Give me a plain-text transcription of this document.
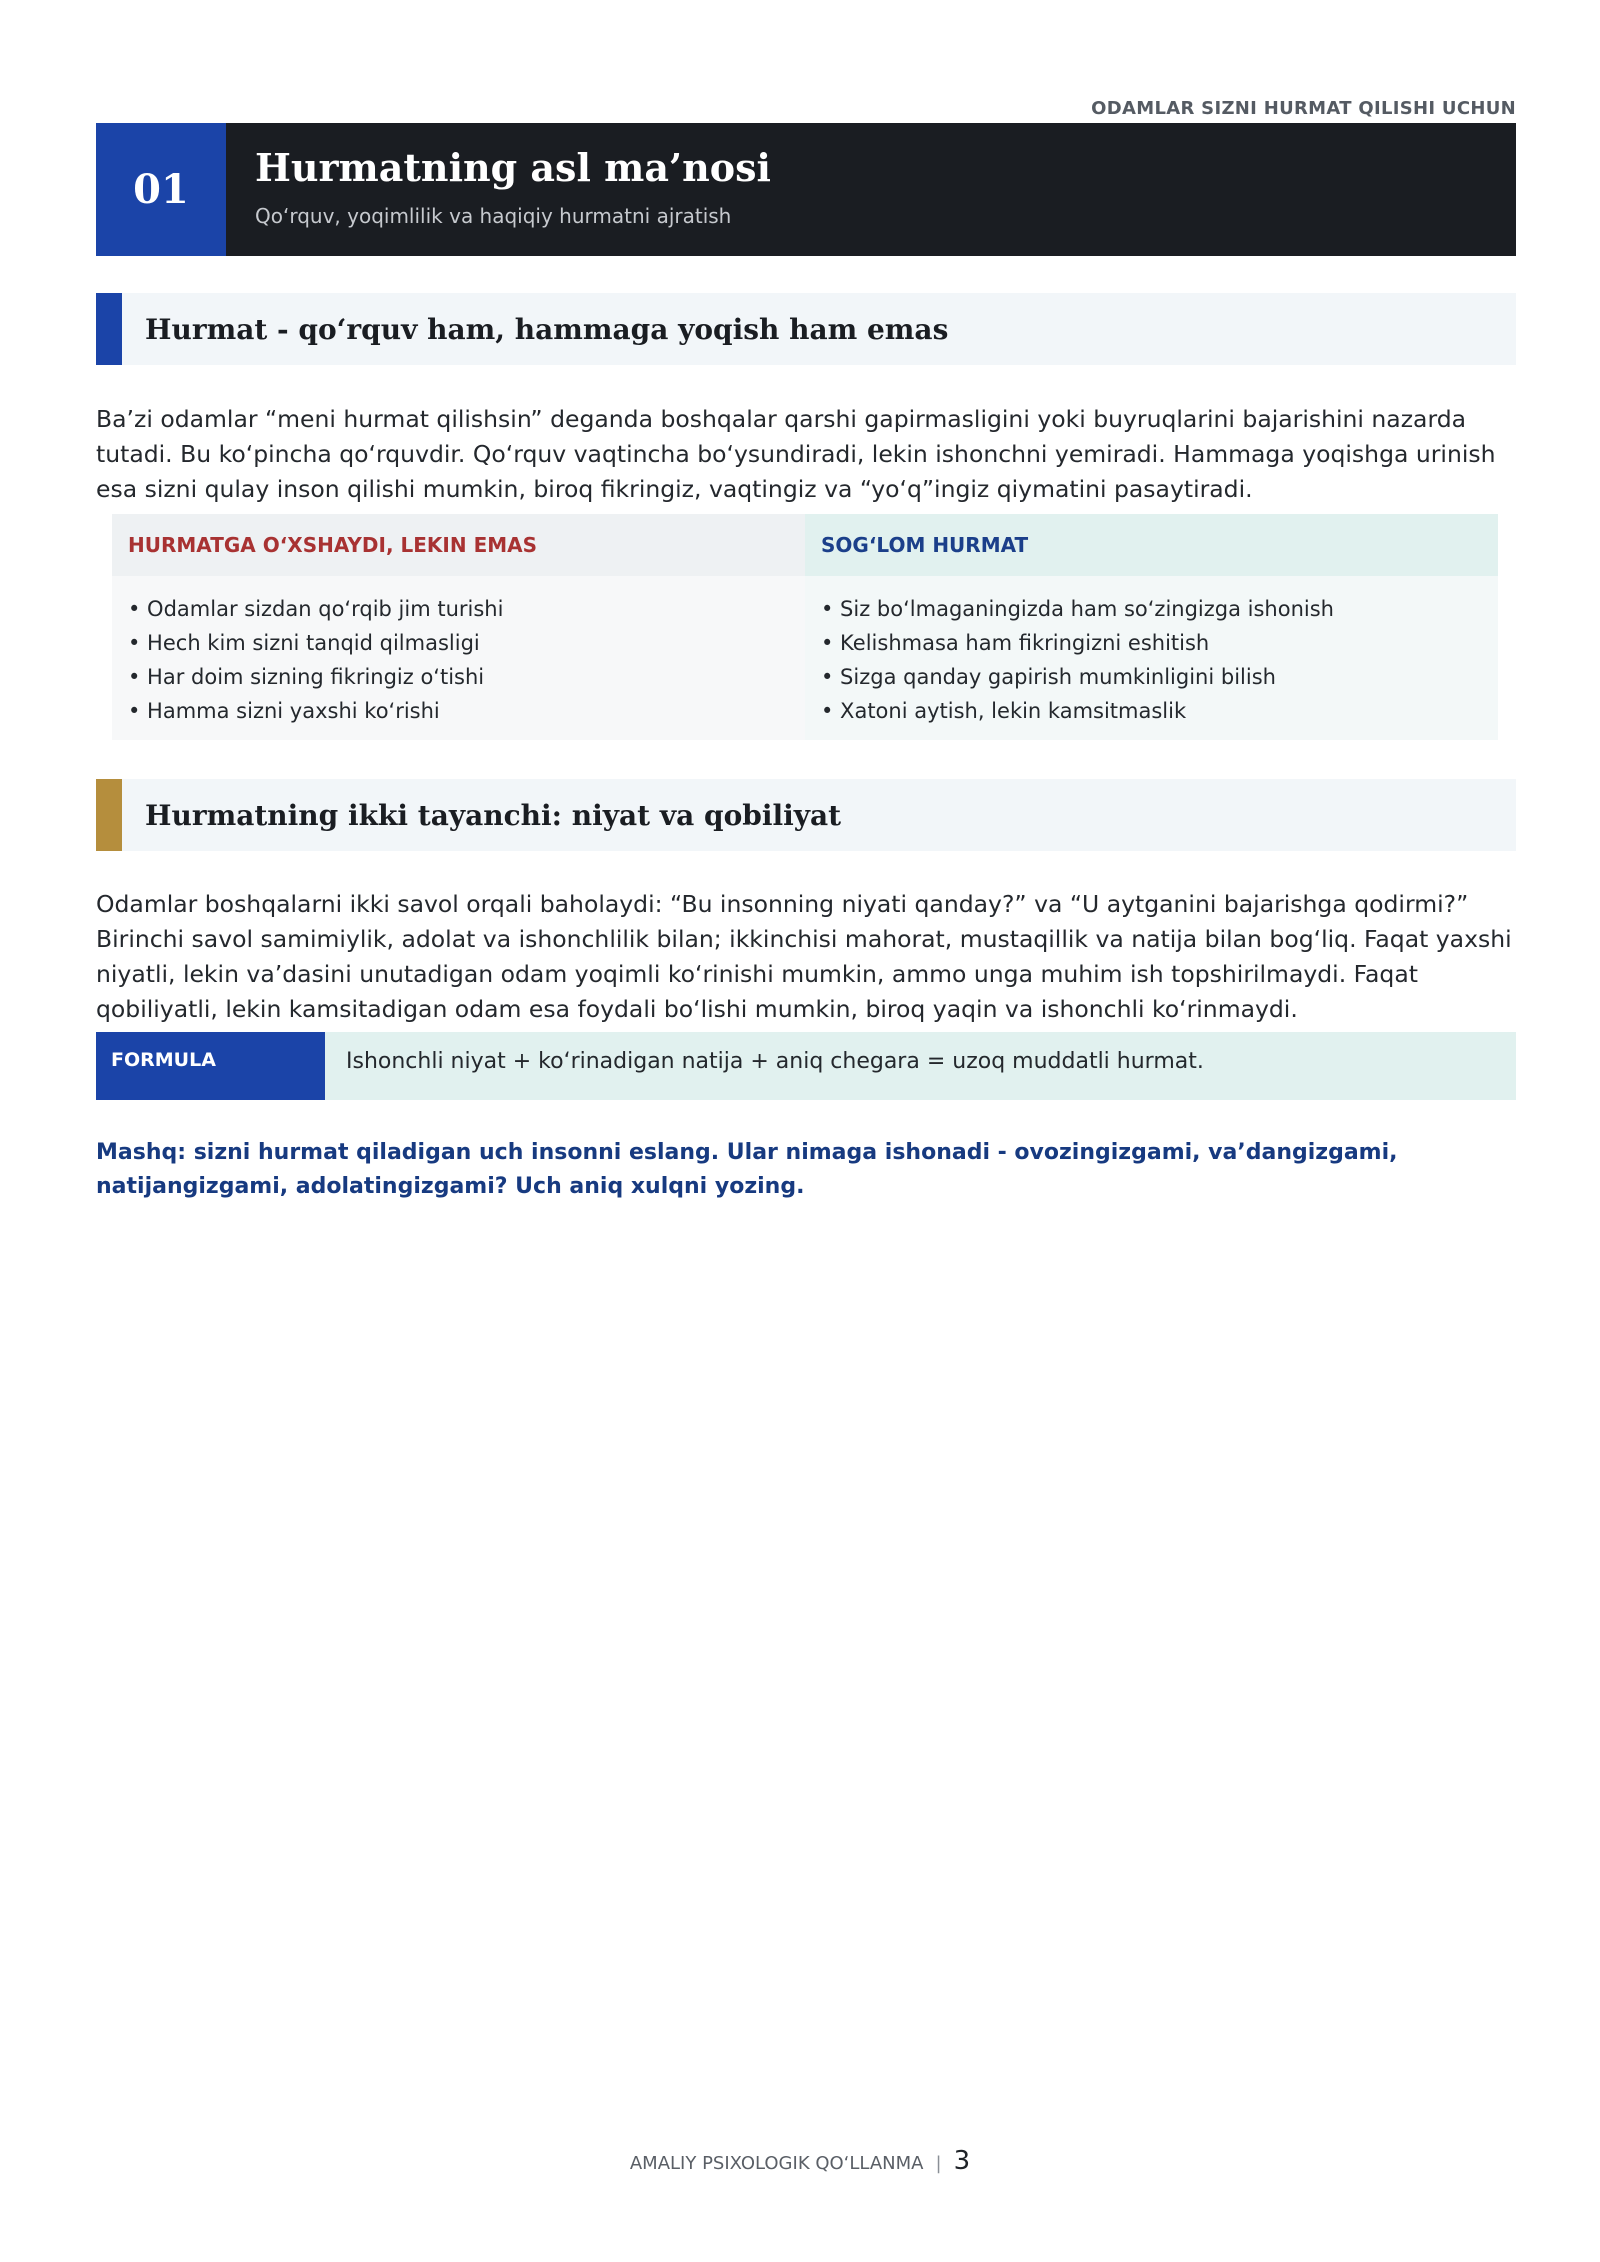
ODAMLAR SIZNI HURMAT QILISHI UCHUN
01	Hurmatning asl ma’nosi
Qo‘rquv, yoqimlilik va haqiqiy hurmatni ajratish
Hurmat - qo‘rquv ham, hammaga yoqish ham emas

Ba’zi odamlar “meni hurmat qilishsin” deganda boshqalar qarshi gapirmasligini yoki buyruqlarini bajarishini nazarda tutadi. Bu ko‘pincha qo‘rquvdir. Qo‘rquv vaqtincha bo‘ysundiradi, lekin ishonchni yemiradi. Hammaga yoqishga urinish esa sizni qulay inson qilishi mumkin, biroq fikringiz, vaqtingiz va “yo‘q”ingiz qiymatini pasaytiradi.

HURMATGA O‘XSHAYDI, LEKIN EMAS
• Odamlar sizdan qo‘rqib jim turishi
• Hech kim sizni tanqid qilmasligi
• Har doim sizning fikringiz o‘tishi
• Hamma sizni yaxshi ko‘rishi
SOG‘LOM HURMAT
• Siz bo‘lmaganingizda ham so‘zingizga ishonish
• Kelishmasa ham fikringizni eshitish
• Sizga qanday gapirish mumkinligini bilish
• Xatoni aytish, lekin kamsitmaslik
Hurmatning ikki tayanchi: niyat va qobiliyat

Odamlar boshqalarni ikki savol orqali baholaydi: “Bu insonning niyati qanday?” va “U aytganini bajarishga qodirmi?” Birinchi savol samimiylik, adolat va ishonchlilik bilan; ikkinchisi mahorat, mustaqillik va natija bilan bog‘liq. Faqat yaxshi niyatli, lekin va’dasini unutadigan odam yoqimli ko‘rinishi mumkin, ammo unga muhim ish topshirilmaydi. Faqat qobiliyatli, lekin kamsitadigan odam esa foydali bo‘lishi mumkin, biroq yaqin va ishonchli ko‘rinmaydi.

FORMULA	Ishonchli niyat + ko‘rinadigan natija + aniq chegara = uzoq muddatli hurmat.

Mashq: sizni hurmat qiladigan uch insonni eslang. Ular nimaga ishonadi - ovozingizgami, va’dangizgami, natijangizgami, adolatingizgami? Uch aniq xulqni yozing.

AMALIY PSIXOLOGIK QO‘LLANMA | 3
